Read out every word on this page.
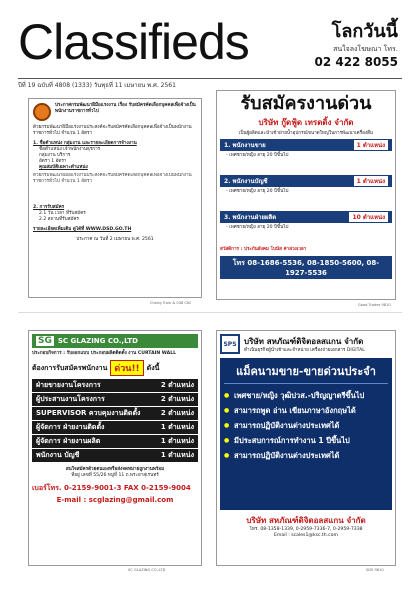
Classifieds	โลกวันนี้
สนใจลงโฆษณา โทร.
02 422 8055
ปีที่ 19 ฉบับที่ 4808 (1333) วันพุธที่ 11 เมษายน พ.ศ. 2561
ประกาศกรมพัฒนาฝีมือแรงงาน เรื่อง รับสมัครคัดเลือกบุคคลเพื่อจ้างเป็นพนักงานราชการทั่วไป
ด้วยกรมพัฒนาฝีมือแรงงานประสงค์จะรับสมัครคัดเลือกบุคคลเพื่อจ้างเป็นพนักงานราชการทั่วไป จำนวน 1 อัตรา
1. ชื่อตำแหน่ง กลุ่มงาน และรายละเอียดการจ้างงาน
ชื่อตำแหน่ง เจ้าพนักงานธุรการ
กลุ่มงาน บริการ
อัตรา 1 อัตรา
คุณสมบัติเฉพาะตำแหน่ง
ด้วยกรมพัฒนาฝีมือแรงงานประสงค์จะรับสมัครคัดเลือกบุคคลเพื่อจ้างเป็นพนักงานราชการทั่วไป จำนวน 1 อัตรา
2. การรับสมัคร
2.1 วัน เวลา ที่รับสมัคร
2.2 สถานที่รับสมัคร
รายละเอียดเพิ่มเติม ดูได้ที่ WWW.DSD.GO.TH
ประกาศ ณ วันที่ 2 เมษายน พ.ศ. 2561
Cheng Train & 038 CNI
รับสมัครงานด่วน
บริษัท กู๊ดฟู้ด เทรดดิ้ง จำกัด
เป็นผู้ผลิตและนำเข้าฝ่ายน้ำอุปกรณ์ขนาดใหญ่ในการพัฒนาเครื่องดื่ม
1. พนักงานขาย	1 ตำแหน่ง
- เพศชาย/หญิง อายุ 20 ปีขึ้นไป
2. พนักงานบัญชี	1 ตำแหน่ง
- เพศชาย/หญิง อายุ 20 ปีขึ้นไป
3. พนักงานฝ่ายผลิต	10 ตำแหน่ง
- เพศชาย/หญิง อายุ 20 ปีขึ้นไป
สวัสดิการ : ประกันสังคม โบนัส ค่าล่วงเวลา
โทร 08-1686-5536, 08-1850-5600, 08-1927-5536
Good Trades 9810
SG SC GLAZING CO.,LTD
ประกอบกิจการ : รับออกแบบ ประกอบผลิตติดตั้ง งาน CURTAIN WALL
ต้องการรับสมัครพนักงาน ด่วน!!	ดังนี้
ฝ่ายขายงานโครงการ	2 ตำแหน่ง
ผู้ประสานงานโครงการ	2 ตำแหน่ง
SUPERVISOR ควบคุมงานติดตั้ง	2 ตำแหน่ง
ผู้จัดการ ฝ่ายงานติดตั้ง	1 ตำแหน่ง
ผู้จัดการ ฝ่ายงานผลิต	1 ตำแหน่ง
พนักงาน บัญชี	1 ตำแหน่ง
สนใจสมัครด้วยตนเองหรือส่งจดหมายถูกงานพร้อม
ที่อยู่ เลขที่ 55/26 หมู่ที่ 11 ถ.พระยาสุเรนทร์
เบอร์โทร. 0-2159-9001-3 FAX 0-2159-9004
E-mail : scglazing@gmail.com
SC GLAZING CO.,LTD
SPS บริษัท สหภัณฑ์ดิจิตอลสแกน จำกัด
ดำเนินธุรกิจผู้นำเข้าและจำหน่าย เครื่องถ่ายเอกสาร DIGITAL
แม็คนามขาย-ขายด่วนประจำ
● เพศชาย/หญิง วุฒิปวส.-ปริญญาตรีขึ้นไป
● สามารถพูด อ่าน เขียนภาษาอังกฤษได้
● สามารถปฏิบัติงานต่างประเทศได้
● มีประสบการณ์การทำงาน 1 ปีขึ้นไป
● สามารถปฏิบัติงานต่างประเทศได้
บริษัท สหภัณฑ์ดิจิตอลสแกน จำกัด
โทร. 08-1358-1339, 0-2959-7336-7, 0-2959-7338
Email : scales1@ksc.th.com
SDS 9810
